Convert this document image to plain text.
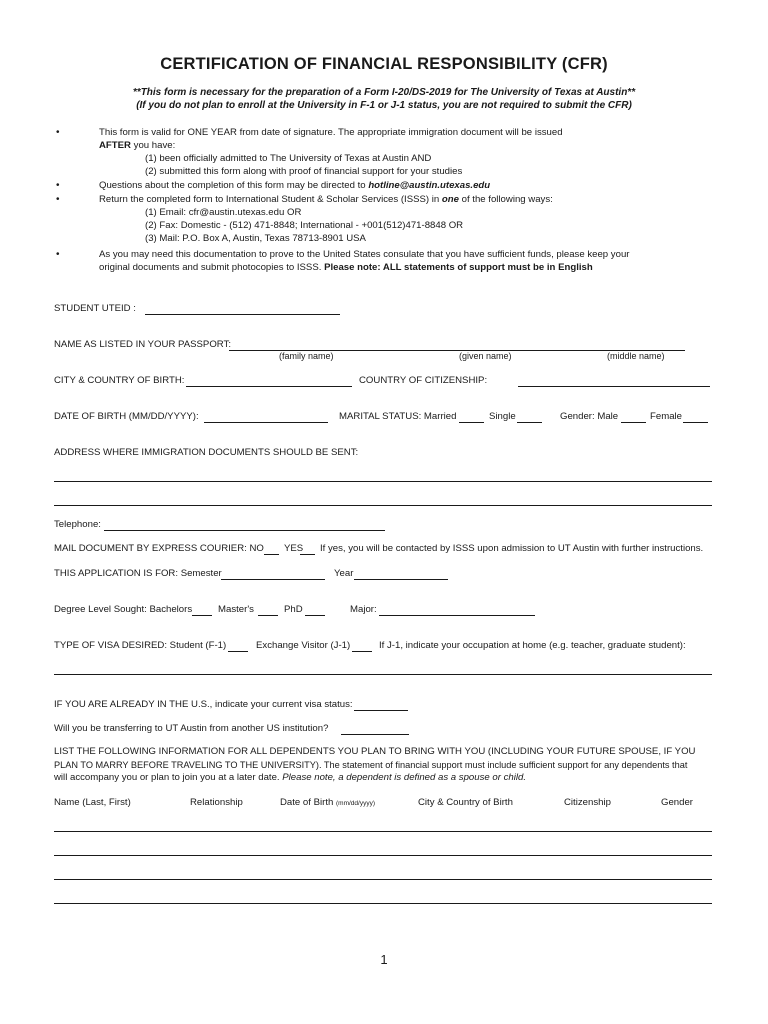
CERTIFICATION OF FINANCIAL RESPONSIBILITY (CFR)
**This form is necessary for the preparation of a Form I-20/DS-2019 for The University of Texas at Austin**
(If you do not plan to enroll at the University in F-1 or J-1 status, you are not required to submit the CFR)
•	This form is valid for ONE YEAR from date of signature. The appropriate immigration document will be issued
AFTER you have:
(1) been officially admitted to The University of Texas at Austin AND
(2) submitted this form along with proof of financial support for your studies
•	Questions about the completion of this form may be directed to hotline@austin.utexas.edu
•	Return the completed form to International Student & Scholar Services (ISSS) in one of the following ways:
(1) Email: cfr@austin.utexas.edu OR
(2) Fax: Domestic - (512) 471-8848; International - +001(512)471-8848 OR
(3) Mail: P.O. Box A, Austin, Texas 78713-8901 USA
•	As you may need this documentation to prove to the United States consulate that you have sufficient funds, please keep your
original documents and submit photocopies to ISSS. Please note: ALL statements of support must be in English
STUDENT UTEID :
NAME AS LISTED IN YOUR PASSPORT:
(family name)	(given name)	(middle name)
CITY & COUNTRY OF BIRTH:	COUNTRY OF CITIZENSHIP:
DATE OF BIRTH (MM/DD/YYYY):	MARITAL STATUS: Married	Single	Gender: Male	Female
ADDRESS WHERE IMMIGRATION DOCUMENTS SHOULD BE SENT:
Telephone:
MAIL DOCUMENT BY EXPRESS COURIER: NO YES If yes, you will be contacted by ISSS upon admission to UT Austin with further instructions.
THIS APPLICATION IS FOR: Semester	Year
Degree Level Sought: Bachelors	Master's	PhD	Major:
TYPE OF VISA DESIRED: Student (F-1)	Exchange Visitor (J-1)	If J-1, indicate your occupation at home (e.g. teacher, graduate student):
IF YOU ARE ALREADY IN THE U.S., indicate your current visa status:
Will you be transferring to UT Austin from another US institution?
LIST THE FOLLOWING INFORMATION FOR ALL DEPENDENTS YOU PLAN TO BRING WITH YOU (INCLUDING YOUR FUTURE SPOUSE, IF YOU
PLAN TO MARRY BEFORE TRAVELING TO THE UNIVERSITY). The statement of financial support must include sufficient support for any dependents that
will accompany you or plan to join you at a later date. Please note, a dependent is defined as a spouse or child.
Name (Last, First)	Relationship	Date of Birth (mm/dd/yyyy)	City & Country of Birth	Citizenship	Gender
1
